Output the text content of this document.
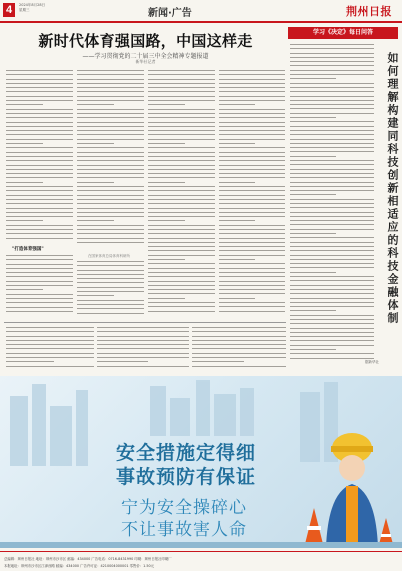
4	2024年8月28日
星期三	新闻·广告	荆州日报
新时代体育强国路，中国这样走
——学习贯彻党的二十届三中全会精神专题报道
新华社记者
"打造体育强国"
在国家体育总局体育科研所
学习《决定》每日问答
如何理解构建同科技创新相适应的科技金融体制
据新华社
安全措施定得细
事故预防有保证
宁为安全操碎心
不让事故害人命
总编辑：荆州日报社 地址：荆州市沙市区 邮编：434000 广告电话：0716-8431990 印刷：荆州日报社印刷厂
本报地址：荆州市沙市区江津西路 邮编：434000 广告许可证：4210004000001 零售价：1.50元
